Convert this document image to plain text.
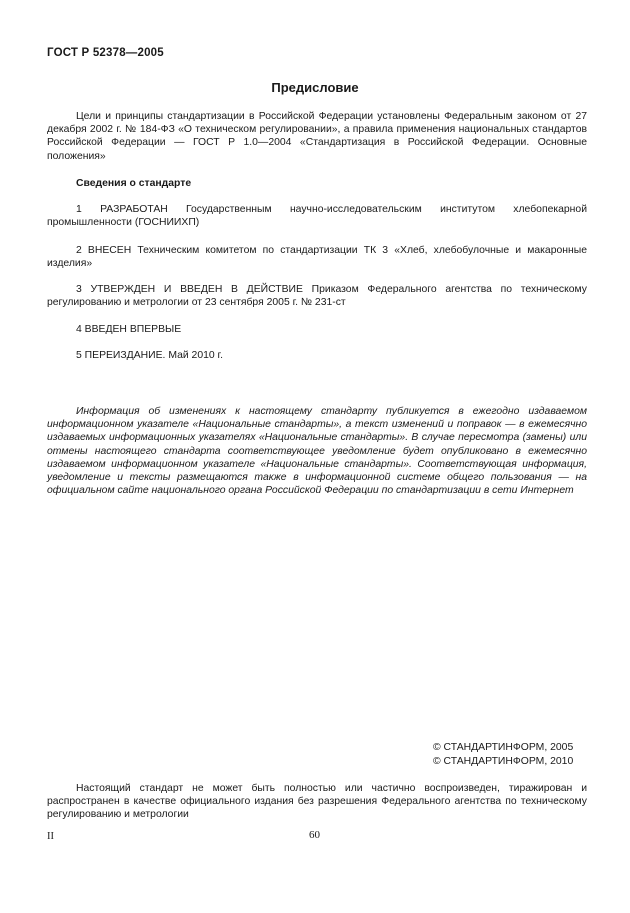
ГОСТ Р 52378—2005
Предисловие
Цели и принципы стандартизации в Российской Федерации установлены Федеральным законом от 27 декабря 2002 г. № 184-ФЗ «О техническом регулировании», а правила применения национальных стандартов Российской Федерации — ГОСТ Р 1.0—2004 «Стандартизация в Российской Федерации. Основные положения»
Сведения о стандарте
1 РАЗРАБОТАН Государственным научно-исследовательским институтом хлебопекарной промышленности (ГОСНИИХП)
2 ВНЕСЕН Техническим комитетом по стандартизации ТК 3 «Хлеб, хлебобулочные и макаронные изделия»
3 УТВЕРЖДЕН И ВВЕДЕН В ДЕЙСТВИЕ Приказом Федерального агентства по техническому регулированию и метрологии от 23 сентября 2005 г. № 231-ст
4 ВВЕДЕН ВПЕРВЫЕ
5 ПЕРЕИЗДАНИЕ. Май 2010 г.
Информация об изменениях к настоящему стандарту публикуется в ежегодно издаваемом информационном указателе «Национальные стандарты», а текст изменений и поправок — в ежемесячно издаваемых информационных указателях «Национальные стандарты». В случае пересмотра (замены) или отмены настоящего стандарта соответствующее уведомление будет опубликовано в ежемесячно издаваемом информационном указателе «Национальные стандарты». Соответствующая информация, уведомление и тексты размещаются также в информационной системе общего пользования — на официальном сайте национального органа Российской Федерации по стандартизации в сети Интернет
© СТАНДАРТИНФОРМ, 2005
© СТАНДАРТИНФОРМ, 2010
Настоящий стандарт не может быть полностью или частично воспроизведен, тиражирован и распространен в качестве официального издания без разрешения Федерального агентства по техническому регулированию и метрологии
II	60
